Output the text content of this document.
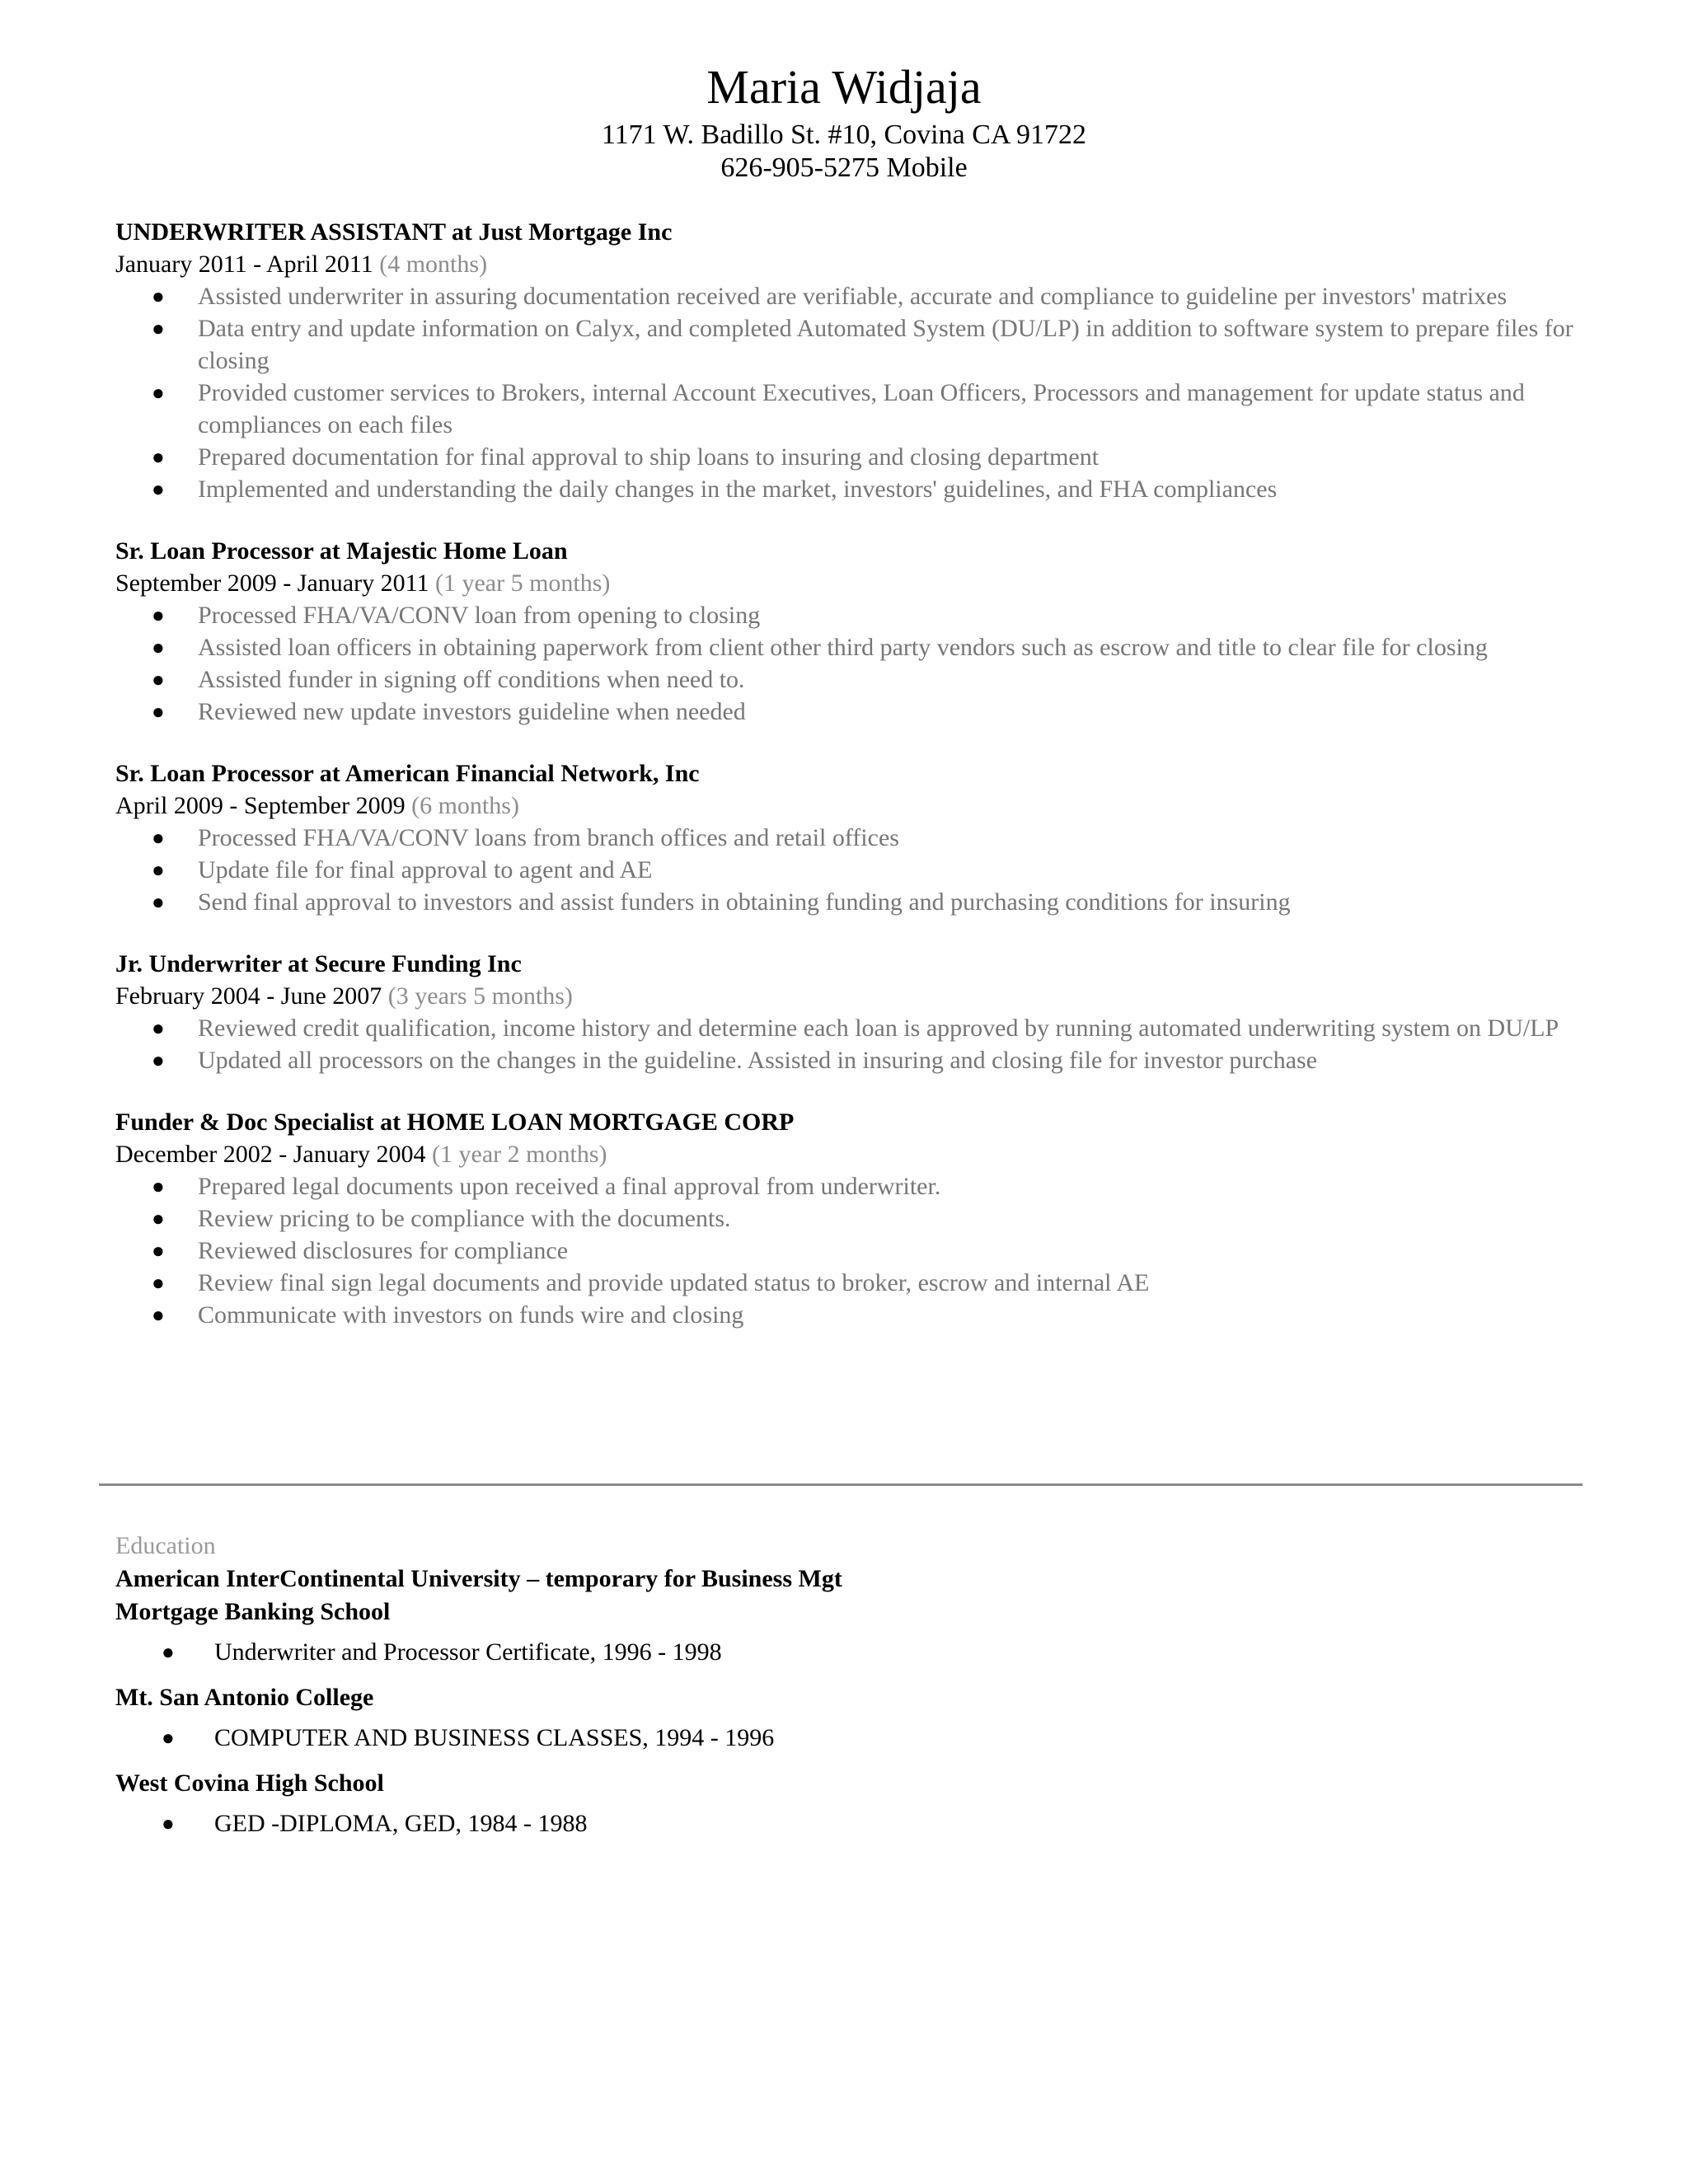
Maria Widjaja

1171 W. Badillo St. #10, Covina CA 91722

626-905-5275 Mobile

UNDERWRITER ASSISTANT at Just Mortgage Inc

January 2011 - April 2011 (4 months)

● Assisted underwriter in assuring documentation received are verifiable, accurate and compliance to guideline per investors' matrixes
● Data entry and update information on Calyx, and completed Automated System (DU/LP) in addition to software system to prepare files for closing
● Provided customer services to Brokers, internal Account Executives, Loan Officers, Processors and management for update status and compliances on each files
● Prepared documentation for final approval to ship loans to insuring and closing department
● Implemented and understanding the daily changes in the market, investors' guidelines, and FHA compliances

Sr. Loan Processor at Majestic Home Loan

September 2009 - January 2011 (1 year 5 months)

● Processed FHA/VA/CONV loan from opening to closing
● Assisted loan officers in obtaining paperwork from client other third party vendors such as escrow and title to clear file for closing
● Assisted funder in signing off conditions when need to.
● Reviewed new update investors guideline when needed

Sr. Loan Processor at American Financial Network, Inc

April 2009 - September 2009 (6 months)

● Processed FHA/VA/CONV loans from branch offices and retail offices
● Update file for final approval to agent and AE
● Send final approval to investors and assist funders in obtaining funding and purchasing conditions for insuring

Jr. Underwriter at Secure Funding Inc

February 2004 - June 2007 (3 years 5 months)

● Reviewed credit qualification, income history and determine each loan is approved by running automated underwriting system on DU/LP
● Updated all processors on the changes in the guideline. Assisted in insuring and closing file for investor purchase

Funder & Doc Specialist at HOME LOAN MORTGAGE CORP

December 2002 - January 2004 (1 year 2 months)

● Prepared legal documents upon received a final approval from underwriter.
● Review pricing to be compliance with the documents.
● Reviewed disclosures for compliance
● Review final sign legal documents and provide updated status to broker, escrow and internal AE
● Communicate with investors on funds wire and closing

Education

American InterContinental University – temporary for Business Mgt

Mortgage Banking School

● Underwriter and Processor Certificate, 1996 - 1998

Mt. San Antonio College

● COMPUTER AND BUSINESS CLASSES, 1994 - 1996

West Covina High School

● GED -DIPLOMA, GED, 1984 - 1988
